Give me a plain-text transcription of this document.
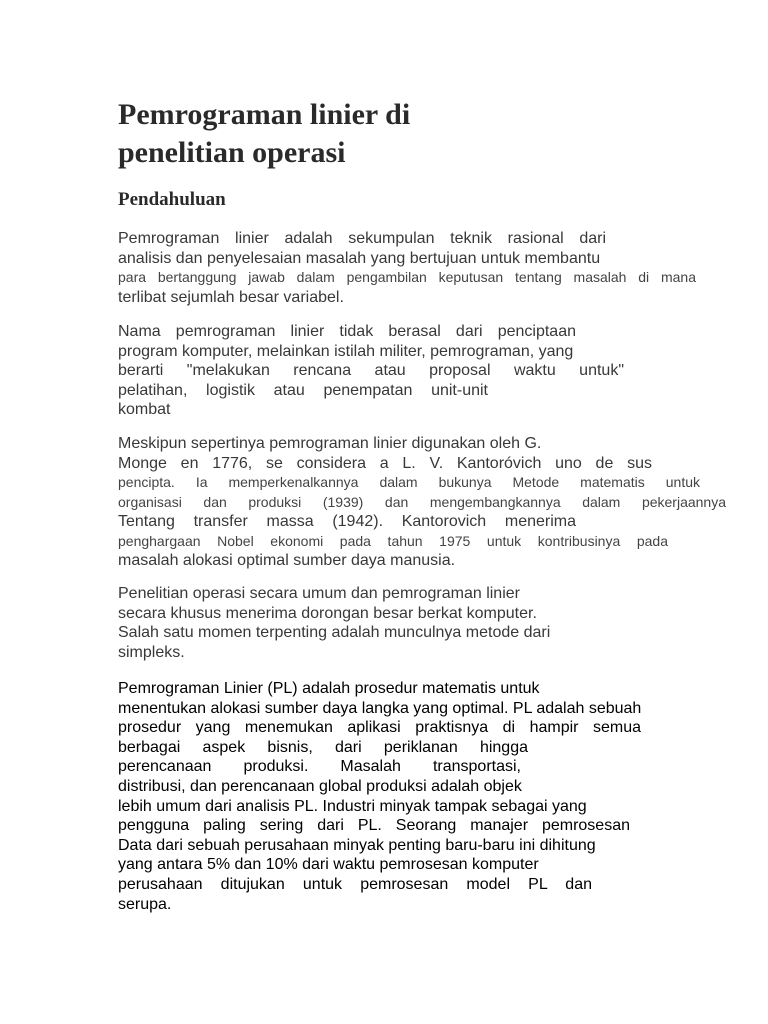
Pemrograman linier di
penelitian operasi
Pendahuluan

Pemrograman linier adalah sekumpulan teknik rasional dari
analisis dan penyelesaian masalah yang bertujuan untuk membantu
para bertanggung jawab dalam pengambilan keputusan tentang masalah di mana
terlibat sejumlah besar variabel.

Nama pemrograman linier tidak berasal dari penciptaan
program komputer, melainkan istilah militer, pemrograman, yang
berarti "melakukan rencana atau proposal waktu untuk"
pelatihan, logistik atau penempatan unit-unit
kombat

Meskipun sepertinya pemrograman linier digunakan oleh G.
Monge en 1776, se considera a L. V. Kantoróvich uno de sus
pencipta. Ia memperkenalkannya dalam bukunya Metode matematis untuk
organisasi dan produksi (1939) dan mengembangkannya dalam pekerjaannya
Tentang transfer massa (1942). Kantorovich menerima
penghargaan Nobel ekonomi pada tahun 1975 untuk kontribusinya pada
masalah alokasi optimal sumber daya manusia.

Penelitian operasi secara umum dan pemrograman linier
secara khusus menerima dorongan besar berkat komputer.
Salah satu momen terpenting adalah munculnya metode dari
simpleks.

Pemrograman Linier (PL) adalah prosedur matematis untuk
menentukan alokasi sumber daya langka yang optimal. PL adalah sebuah
prosedur yang menemukan aplikasi praktisnya di hampir semua
berbagai aspek bisnis, dari periklanan hingga
perencanaan produksi. Masalah transportasi,
distribusi, dan perencanaan global produksi adalah objek
lebih umum dari analisis PL. Industri minyak tampak sebagai yang
pengguna paling sering dari PL. Seorang manajer pemrosesan
Data dari sebuah perusahaan minyak penting baru-baru ini dihitung
yang antara 5% dan 10% dari waktu pemrosesan komputer
perusahaan ditujukan untuk pemrosesan model PL dan
serupa.
